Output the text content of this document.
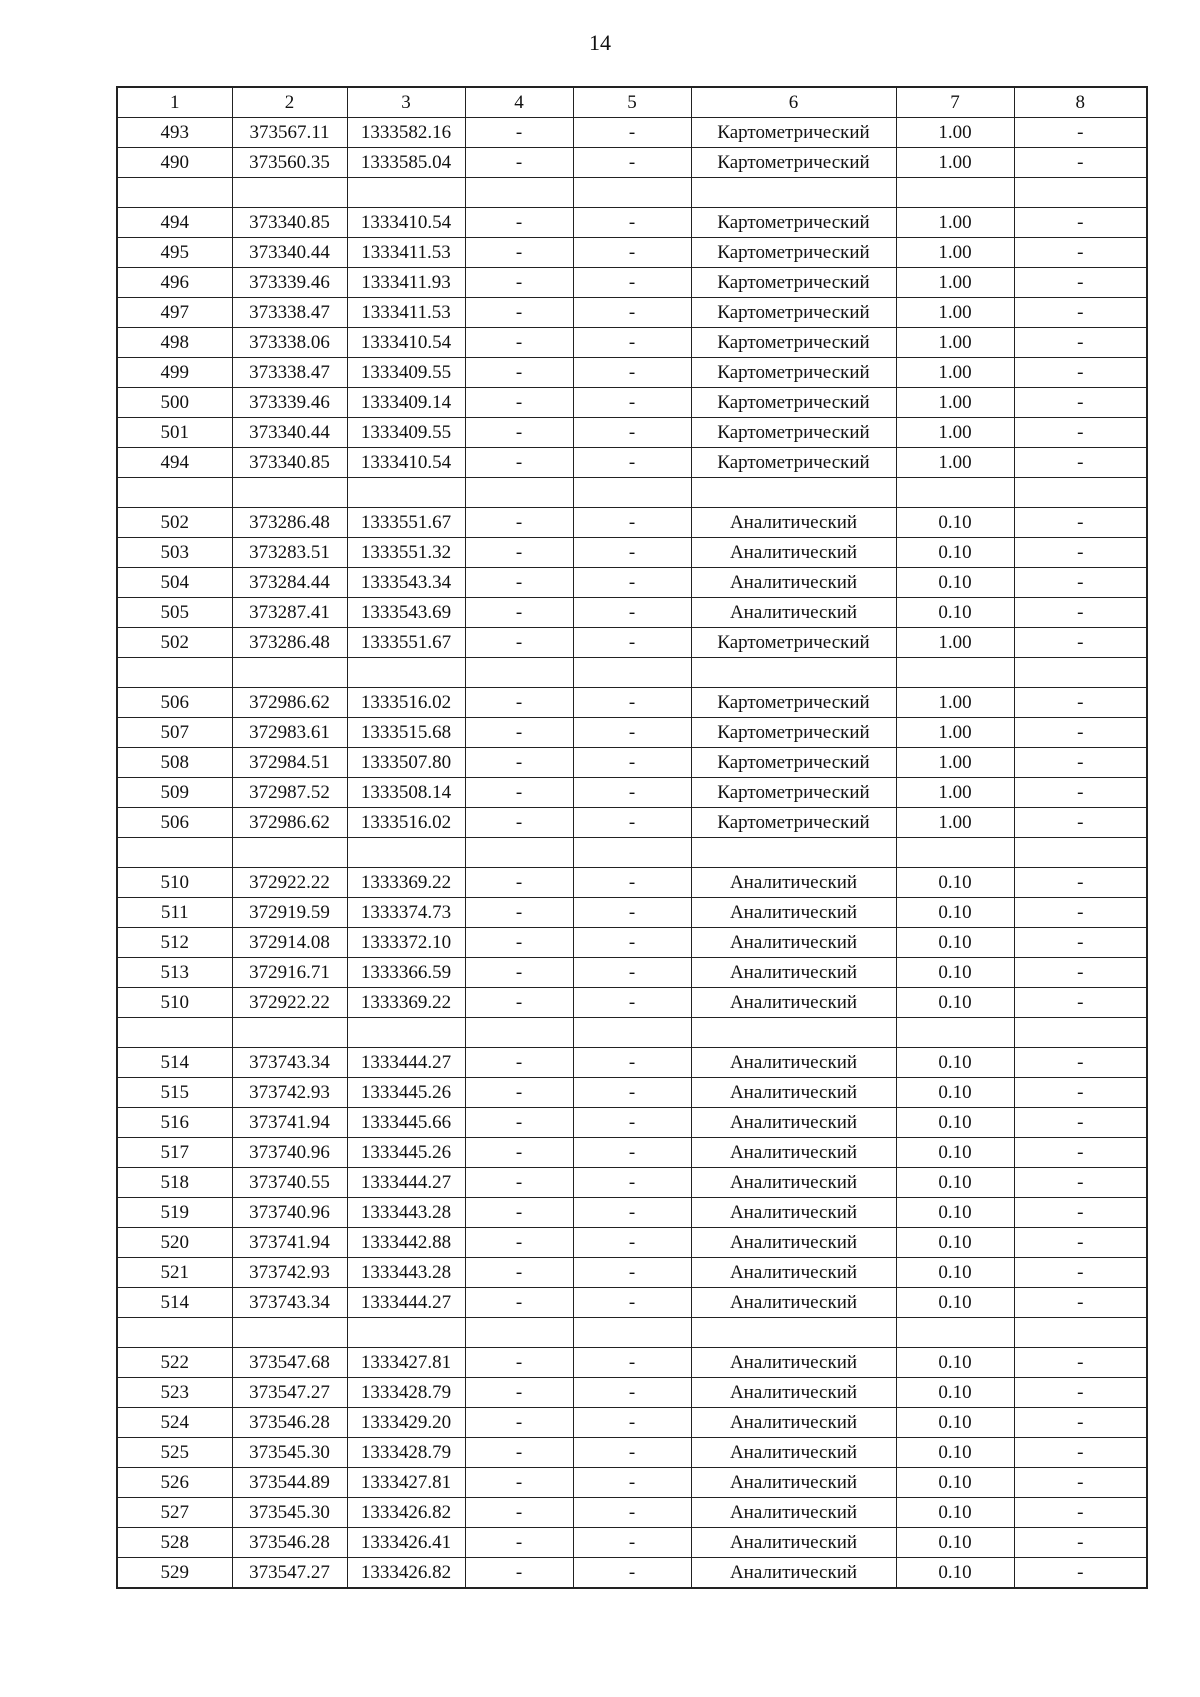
14
1	2	3	4	5	6	7	8
493	373567.11	1333582.16	-	-	Картометрический	1.00	-
490	373560.35	1333585.04	-	-	Картометрический	1.00	-

494	373340.85	1333410.54	-	-	Картометрический	1.00	-
495	373340.44	1333411.53	-	-	Картометрический	1.00	-
496	373339.46	1333411.93	-	-	Картометрический	1.00	-
497	373338.47	1333411.53	-	-	Картометрический	1.00	-
498	373338.06	1333410.54	-	-	Картометрический	1.00	-
499	373338.47	1333409.55	-	-	Картометрический	1.00	-
500	373339.46	1333409.14	-	-	Картометрический	1.00	-
501	373340.44	1333409.55	-	-	Картометрический	1.00	-
494	373340.85	1333410.54	-	-	Картометрический	1.00	-

502	373286.48	1333551.67	-	-	Аналитический	0.10	-
503	373283.51	1333551.32	-	-	Аналитический	0.10	-
504	373284.44	1333543.34	-	-	Аналитический	0.10	-
505	373287.41	1333543.69	-	-	Аналитический	0.10	-
502	373286.48	1333551.67	-	-	Картометрический	1.00	-

506	372986.62	1333516.02	-	-	Картометрический	1.00	-
507	372983.61	1333515.68	-	-	Картометрический	1.00	-
508	372984.51	1333507.80	-	-	Картометрический	1.00	-
509	372987.52	1333508.14	-	-	Картометрический	1.00	-
506	372986.62	1333516.02	-	-	Картометрический	1.00	-

510	372922.22	1333369.22	-	-	Аналитический	0.10	-
511	372919.59	1333374.73	-	-	Аналитический	0.10	-
512	372914.08	1333372.10	-	-	Аналитический	0.10	-
513	372916.71	1333366.59	-	-	Аналитический	0.10	-
510	372922.22	1333369.22	-	-	Аналитический	0.10	-

514	373743.34	1333444.27	-	-	Аналитический	0.10	-
515	373742.93	1333445.26	-	-	Аналитический	0.10	-
516	373741.94	1333445.66	-	-	Аналитический	0.10	-
517	373740.96	1333445.26	-	-	Аналитический	0.10	-
518	373740.55	1333444.27	-	-	Аналитический	0.10	-
519	373740.96	1333443.28	-	-	Аналитический	0.10	-
520	373741.94	1333442.88	-	-	Аналитический	0.10	-
521	373742.93	1333443.28	-	-	Аналитический	0.10	-
514	373743.34	1333444.27	-	-	Аналитический	0.10	-

522	373547.68	1333427.81	-	-	Аналитический	0.10	-
523	373547.27	1333428.79	-	-	Аналитический	0.10	-
524	373546.28	1333429.20	-	-	Аналитический	0.10	-
525	373545.30	1333428.79	-	-	Аналитический	0.10	-
526	373544.89	1333427.81	-	-	Аналитический	0.10	-
527	373545.30	1333426.82	-	-	Аналитический	0.10	-
528	373546.28	1333426.41	-	-	Аналитический	0.10	-
529	373547.27	1333426.82	-	-	Аналитический	0.10	-
